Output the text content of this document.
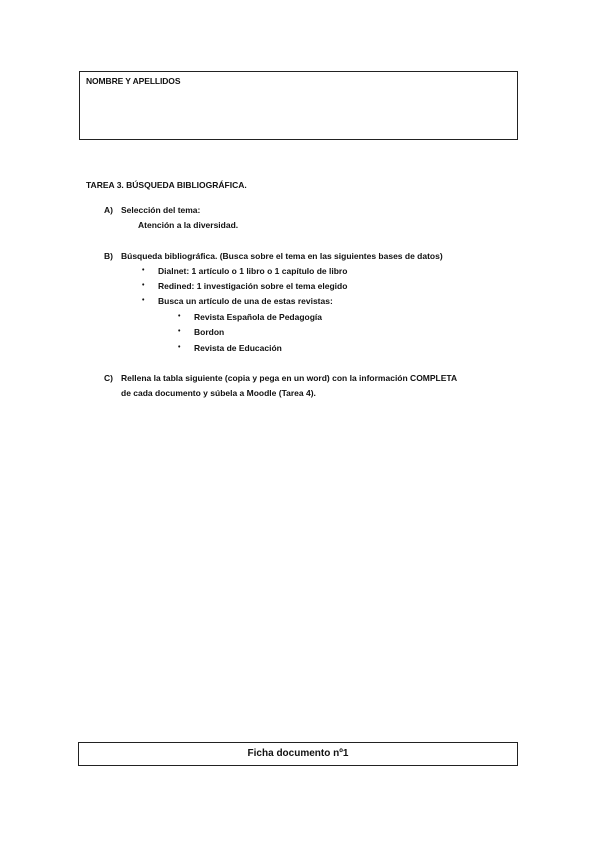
NOMBRE Y APELLIDOS
TAREA 3. BÚSQUEDA BIBLIOGRÁFICA.
A) Selección del tema:
Atención a la diversidad.
B) Búsqueda bibliográfica. (Busca sobre el tema en las siguientes bases de datos)
• Dialnet: 1 artículo o 1 libro o 1 capítulo de libro
• Redined: 1 investigación sobre el tema elegido
• Busca un artículo de una de estas revistas:
• Revista Española de Pedagogía
• Bordon
• Revista de Educación
C) Rellena la tabla siguiente (copia y pega en un word) con la información COMPLETA
de cada documento y súbela a Moodle (Tarea 4).
Ficha documento nº1
